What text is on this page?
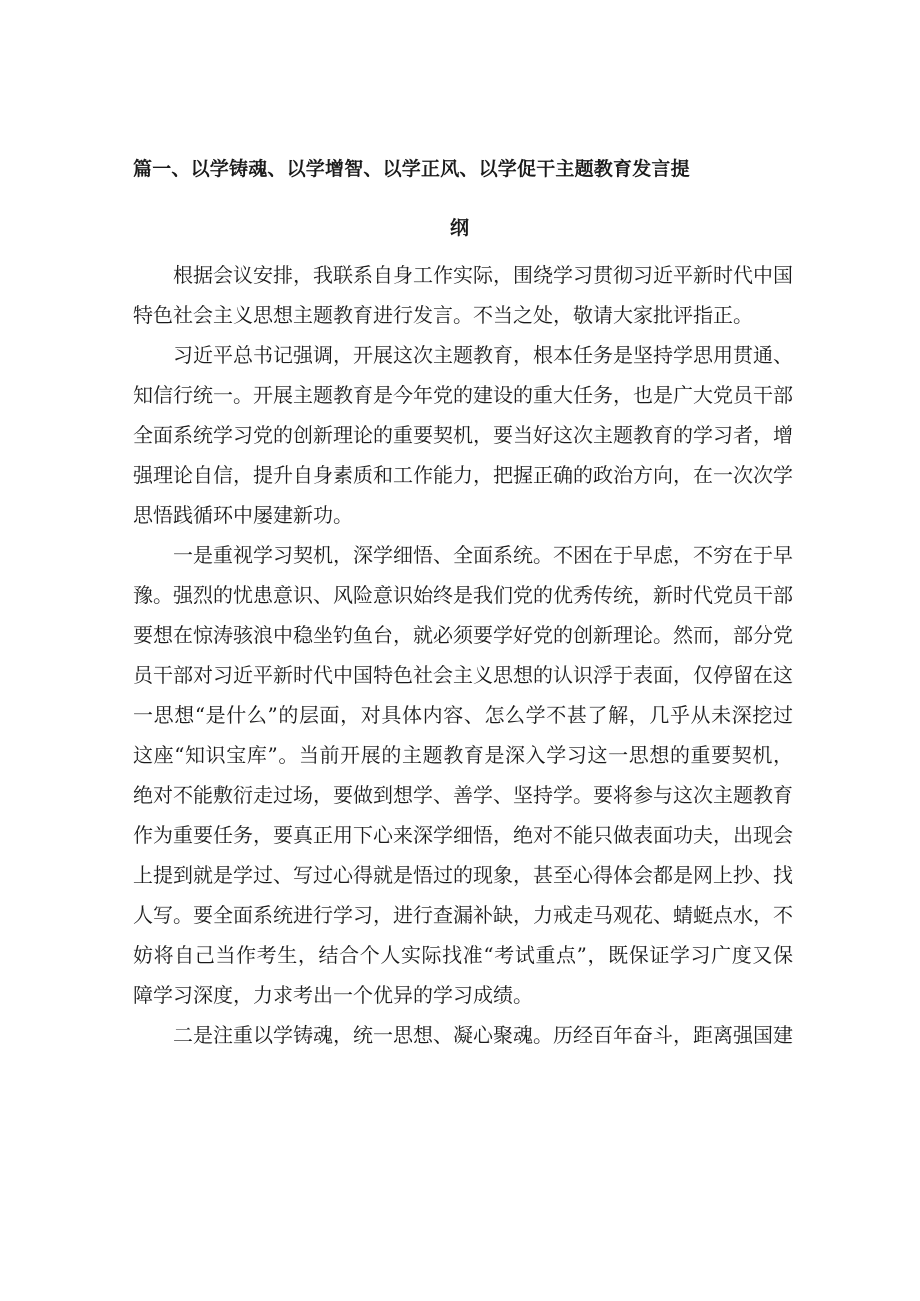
篇一、以学铸魂、以学增智、以学正风、以学促干主题教育发言提
纲

根据会议安排，我联系自身工作实际，围绕学习贯彻习近平新时代中国特色社会主义思想主题教育进行发言。不当之处，敬请大家批评指正。

习近平总书记强调，开展这次主题教育，根本任务是坚持学思用贯通、知信行统一。开展主题教育是今年党的建设的重大任务，也是广大党员干部全面系统学习党的创新理论的重要契机，要当好这次主题教育的学习者，增强理论自信，提升自身素质和工作能力，把握正确的政治方向，在一次次学思悟践循环中屡建新功。

一是重视学习契机，深学细悟、全面系统。不困在于早虑，不穷在于早豫。强烈的忧患意识、风险意识始终是我们党的优秀传统，新时代党员干部要想在惊涛骇浪中稳坐钓鱼台，就必须要学好党的创新理论。然而，部分党员干部对习近平新时代中国特色社会主义思想的认识浮于表面，仅停留在这一思想“是什么”的层面，对具体内容、怎么学不甚了解，几乎从未深挖过这座“知识宝库”。当前开展的主题教育是深入学习这一思想的重要契机，绝对不能敷衍走过场，要做到想学、善学、坚持学。要将参与这次主题教育作为重要任务，要真正用下心来深学细悟，绝对不能只做表面功夫，出现会上提到就是学过、写过心得就是悟过的现象，甚至心得体会都是网上抄、找人写。要全面系统进行学习，进行查漏补缺，力戒走马观花、蜻蜓点水，不妨将自己当作考生，结合个人实际找准“考试重点”，既保证学习广度又保障学习深度，力求考出一个优异的学习成绩。

二是注重以学铸魂，统一思想、凝心聚魂。历经百年奋斗，距离强国建
